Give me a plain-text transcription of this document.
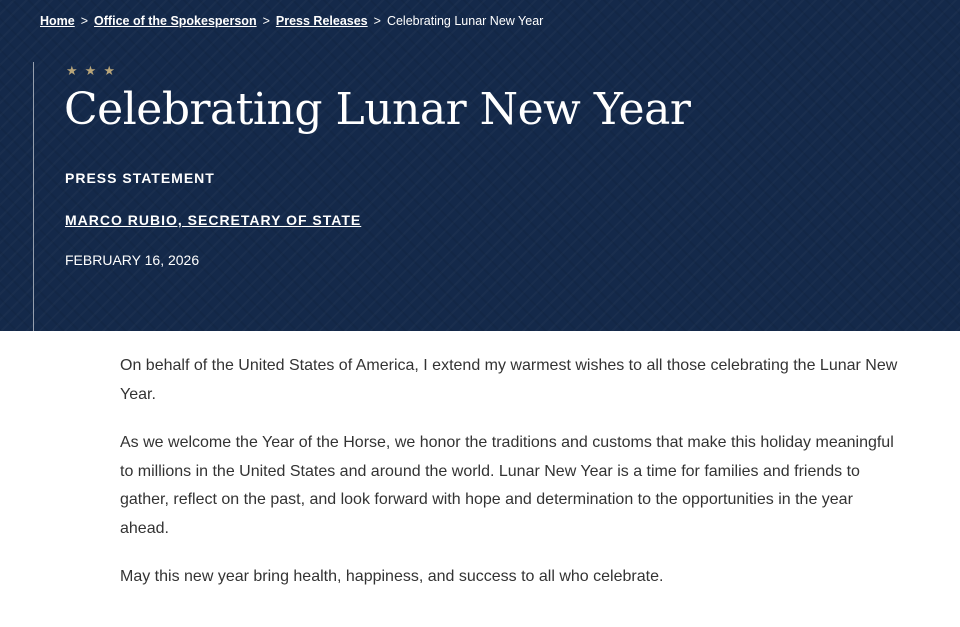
Home > Office of the Spokesperson > Press Releases > Celebrating Lunar New Year
★ ★ ★
Celebrating Lunar New Year
PRESS STATEMENT
MARCO RUBIO, SECRETARY OF STATE
FEBRUARY 16, 2026

On behalf of the United States of America, I extend my warmest wishes to all those celebrating the Lunar New Year.

As we welcome the Year of the Horse, we honor the traditions and customs that make this holiday meaningful to millions in the United States and around the world. Lunar New Year is a time for families and friends to gather, reflect on the past, and look forward with hope and determination to the opportunities in the year ahead.

May this new year bring health, happiness, and success to all who celebrate.
